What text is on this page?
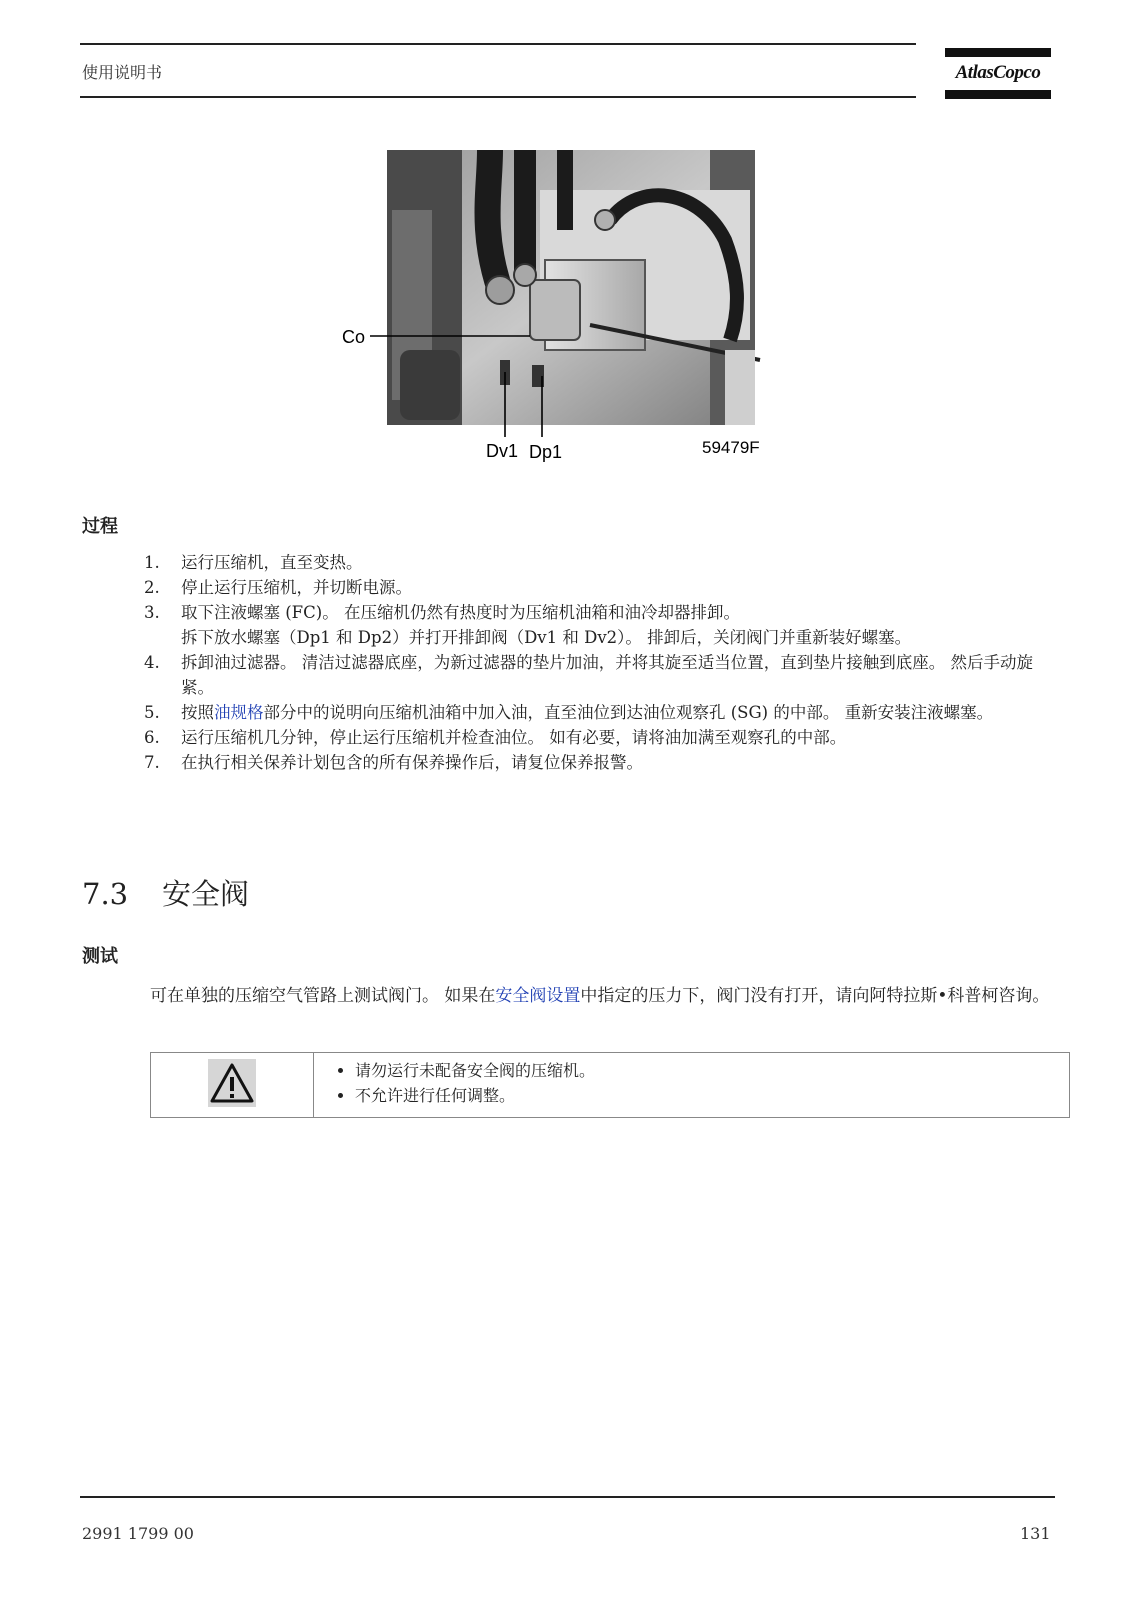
使用说明书	AtlasCopco
Co
Dv1 Dp1	59479F
过程
1. 运行压缩机，直至变热。
2. 停止运行压缩机，并切断电源。
3. 取下注液螺塞 (FC)。 在压缩机仍然有热度时为压缩机油箱和油冷却器排卸。
拆下放水螺塞（Dp1 和 Dp2）并打开排卸阀（Dv1 和 Dv2）。 排卸后，关闭阀门并重新装好螺塞。
4. 拆卸油过滤器。 清洁过滤器底座，为新过滤器的垫片加油，并将其旋至适当位置，直到垫片接触到底座。 然后手动旋紧。
5. 按照油规格部分中的说明向压缩机油箱中加入油，直至油位到达油位观察孔 (SG) 的中部。 重新安装注液螺塞。
6. 运行压缩机几分钟，停止运行压缩机并检查油位。 如有必要，请将油加满至观察孔的中部。
7. 在执行相关保养计划包含的所有保养操作后，请复位保养报警。
7.3 安全阀
测试
可在单独的压缩空气管路上测试阀门。 如果在安全阀设置中指定的压力下，阀门没有打开，请向阿特拉斯•科普柯咨询。

• 请勿运行未配备安全阀的压缩机。
• 不允许进行任何调整。
2991 1799 00	131
